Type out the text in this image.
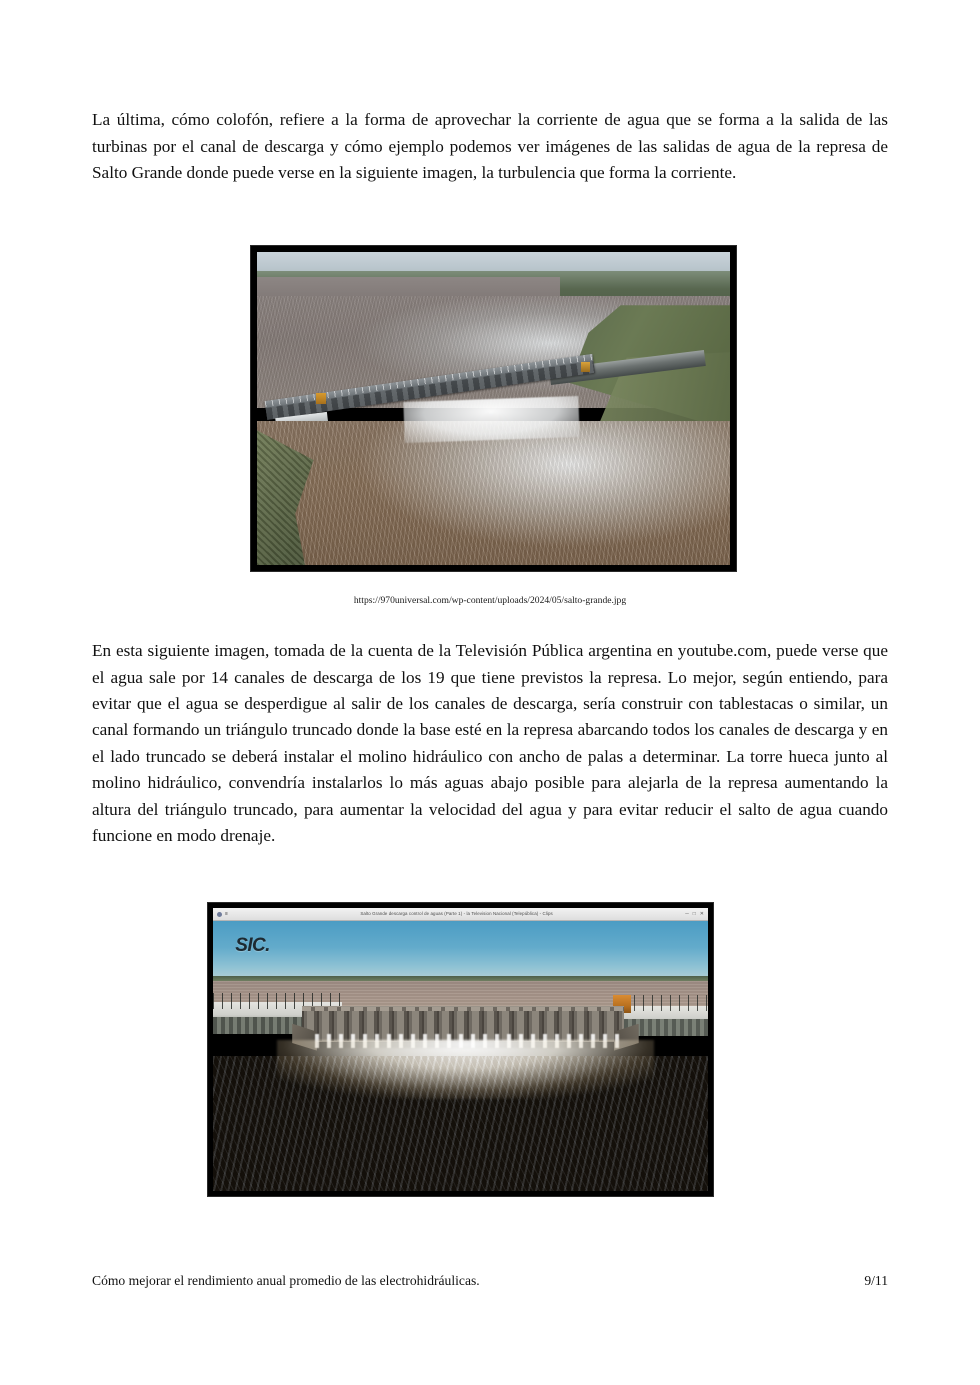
La última, cómo colofón, refiere a la forma de aprovechar la corriente de agua que se forma a la salida de las turbinas por el canal de descarga y cómo ejemplo podemos ver imágenes de las salidas de agua de la represa de Salto Grande donde puede verse en la siguiente imagen, la turbulencia que forma la corriente.

https://970universal.com/wp-content/uploads/2024/05/salto-grande.jpg

En esta siguiente imagen, tomada de la cuenta de la Televisión Pública argentina en youtube.com, puede verse que el agua sale por 14 canales de descarga de los 19 que tiene previstos la represa. Lo mejor, según entiendo, para evitar que el agua se desperdigue al salir de los canales de descarga, sería construir con tablestacas o similar, un canal formando un triángulo truncado donde la base esté en la represa abarcando todos los canales de descarga y en el lado truncado se deberá instalar el molino hidráulico con ancho de palas a determinar. La torre hueca junto al molino hidráulico, convendría instalarlos lo más aguas abajo posible para alejarla de la represa aumentando la altura del triángulo truncado, para aumentar la velocidad del agua y para evitar reducir el salto de agua cuando funcione en modo drenaje.

≡	Salto Grande descarga control de aguas (Parte 1) - la Television Nacional (Telepública) - Clips	─ □ ✕
SIC.
Cómo mejorar el rendimiento anual promedio de las electrohidráulicas.	9/11
